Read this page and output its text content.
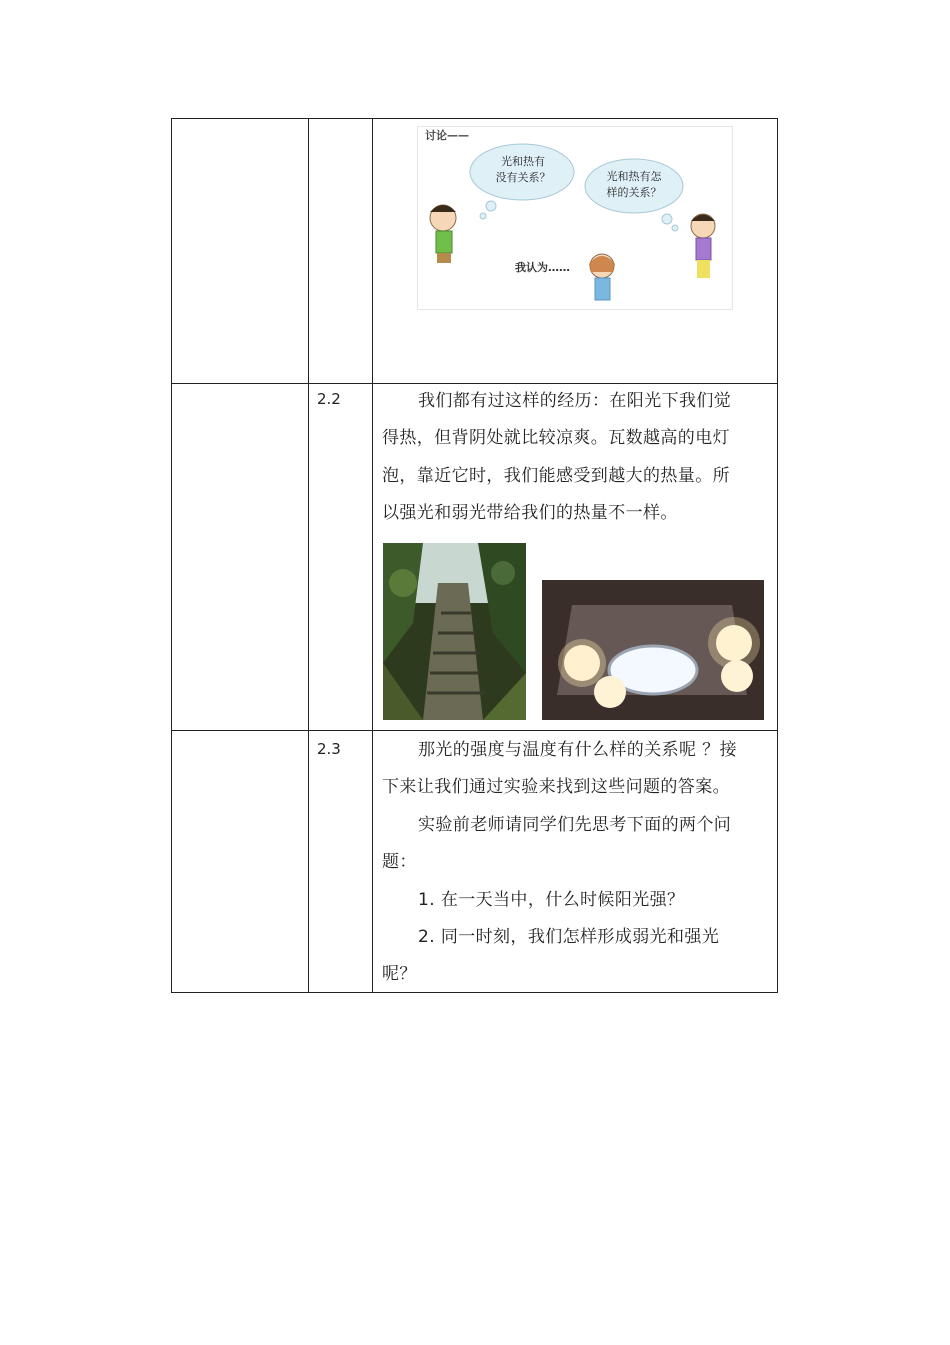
讨论——
光和热有
没有关系？	光和热有怎
样的关系？
我认为……
2.2	我们都有过这样的经历：在阳光下我们觉

得热，但背阴处就比较凉爽。瓦数越高的电灯

泡，靠近它时，我们能感受到越大的热量。所

以强光和弱光带给我们的热量不一样。

2.3	那光的强度与温度有什么样的关系呢 ？接

下来让我们通过实验来找到这些问题的答案。

实验前老师请同学们先思考下面的两个问

题：

1. 在一天当中，什么时候阳光强？

2. 同一时刻，我们怎样形成弱光和强光

呢？
